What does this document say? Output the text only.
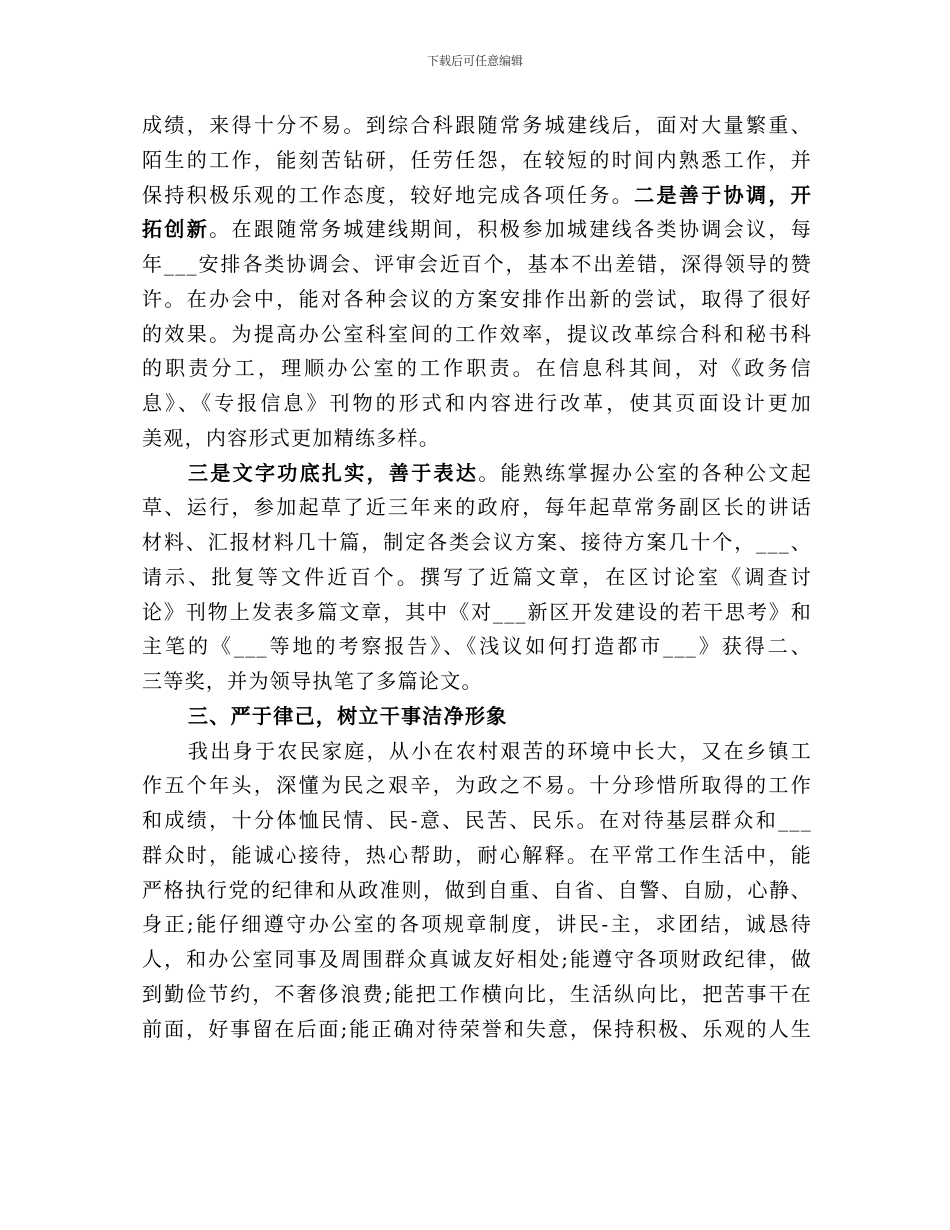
下载后可任意编辑
成绩，来得十分不易。到综合科跟随常务城建线后，面对大量繁重、
陌生的工作，能刻苦钻研，任劳任怨，在较短的时间内熟悉工作，并
保持积极乐观的工作态度，较好地完成各项任务。二是善于协调，开
拓创新。在跟随常务城建线期间，积极参加城建线各类协调会议，每
年___安排各类协调会、评审会近百个，基本不出差错，深得领导的赞
许。在办会中，能对各种会议的方案安排作出新的尝试，取得了很好
的效果。为提高办公室科室间的工作效率，提议改革综合科和秘书科
的职责分工，理顺办公室的工作职责。在信息科其间，对《政务信
息》、《专报信息》刊物的形式和内容进行改革，使其页面设计更加
美观，内容形式更加精练多样。
三是文字功底扎实，善于表达。能熟练掌握办公室的各种公文起
草、运行，参加起草了近三年来的政府，每年起草常务副区长的讲话
材料、汇报材料几十篇，制定各类会议方案、接待方案几十个，___、
请示、批复等文件近百个。撰写了近篇文章，在区讨论室《调查讨
论》刊物上发表多篇文章，其中《对___新区开发建设的若干思考》和
主笔的《___等地的考察报告》、《浅议如何打造都市___》获得二、
三等奖，并为领导执笔了多篇论文。
三、严于律己，树立干事洁净形象
我出身于农民家庭，从小在农村艰苦的环境中长大，又在乡镇工
作五个年头，深懂为民之艰辛，为政之不易。十分珍惜所取得的工作
和成绩，十分体恤民情、民-意、民苦、民乐。在对待基层群众和___
群众时，能诚心接待，热心帮助，耐心解释。在平常工作生活中，能
严格执行党的纪律和从政准则，做到自重、自省、自警、自励，心静、
身正;能仔细遵守办公室的各项规章制度，讲民-主，求团结，诚恳待
人，和办公室同事及周围群众真诚友好相处;能遵守各项财政纪律，做
到勤俭节约，不奢侈浪费;能把工作横向比，生活纵向比，把苦事干在
前面，好事留在后面;能正确对待荣誉和失意，保持积极、乐观的人生
